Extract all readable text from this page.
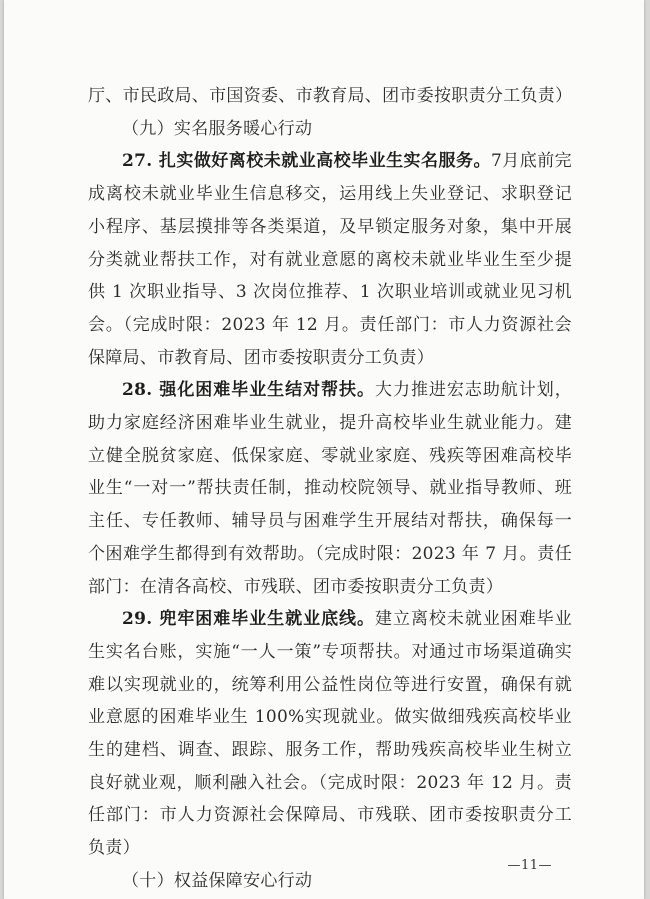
厅、市民政局、市国资委、市教育局、团市委按职责分工负责）

（九）实名服务暖心行动

27. 扎实做好离校未就业高校毕业生实名服务。7月底前完成离校未就业毕业生信息移交，运用线上失业登记、求职登记小程序、基层摸排等各类渠道，及早锁定服务对象，集中开展分类就业帮扶工作，对有就业意愿的离校未就业毕业生至少提供 1 次职业指导、3 次岗位推荐、1 次职业培训或就业见习机会。（完成时限：2023 年 12 月。责任部门：市人力资源社会保障局、市教育局、团市委按职责分工负责）

28. 强化困难毕业生结对帮扶。大力推进宏志助航计划，助力家庭经济困难毕业生就业，提升高校毕业生就业能力。建立健全脱贫家庭、低保家庭、零就业家庭、残疾等困难高校毕业生“一对一”帮扶责任制，推动校院领导、就业指导教师、班主任、专任教师、辅导员与困难学生开展结对帮扶，确保每一个困难学生都得到有效帮助。（完成时限：2023 年 7 月。责任部门：在清各高校、市残联、团市委按职责分工负责）

29. 兜牢困难毕业生就业底线。建立离校未就业困难毕业生实名台账，实施“一人一策”专项帮扶。对通过市场渠道确实难以实现就业的，统筹利用公益性岗位等进行安置，确保有就业意愿的困难毕业生 100%实现就业。做实做细残疾高校毕业生的建档、调查、跟踪、服务工作，帮助残疾高校毕业生树立良好就业观，顺利融入社会。（完成时限：2023 年 12 月。责任部门：市人力资源社会保障局、市残联、团市委按职责分工负责）

（十）权益保障安心行动

—11—
